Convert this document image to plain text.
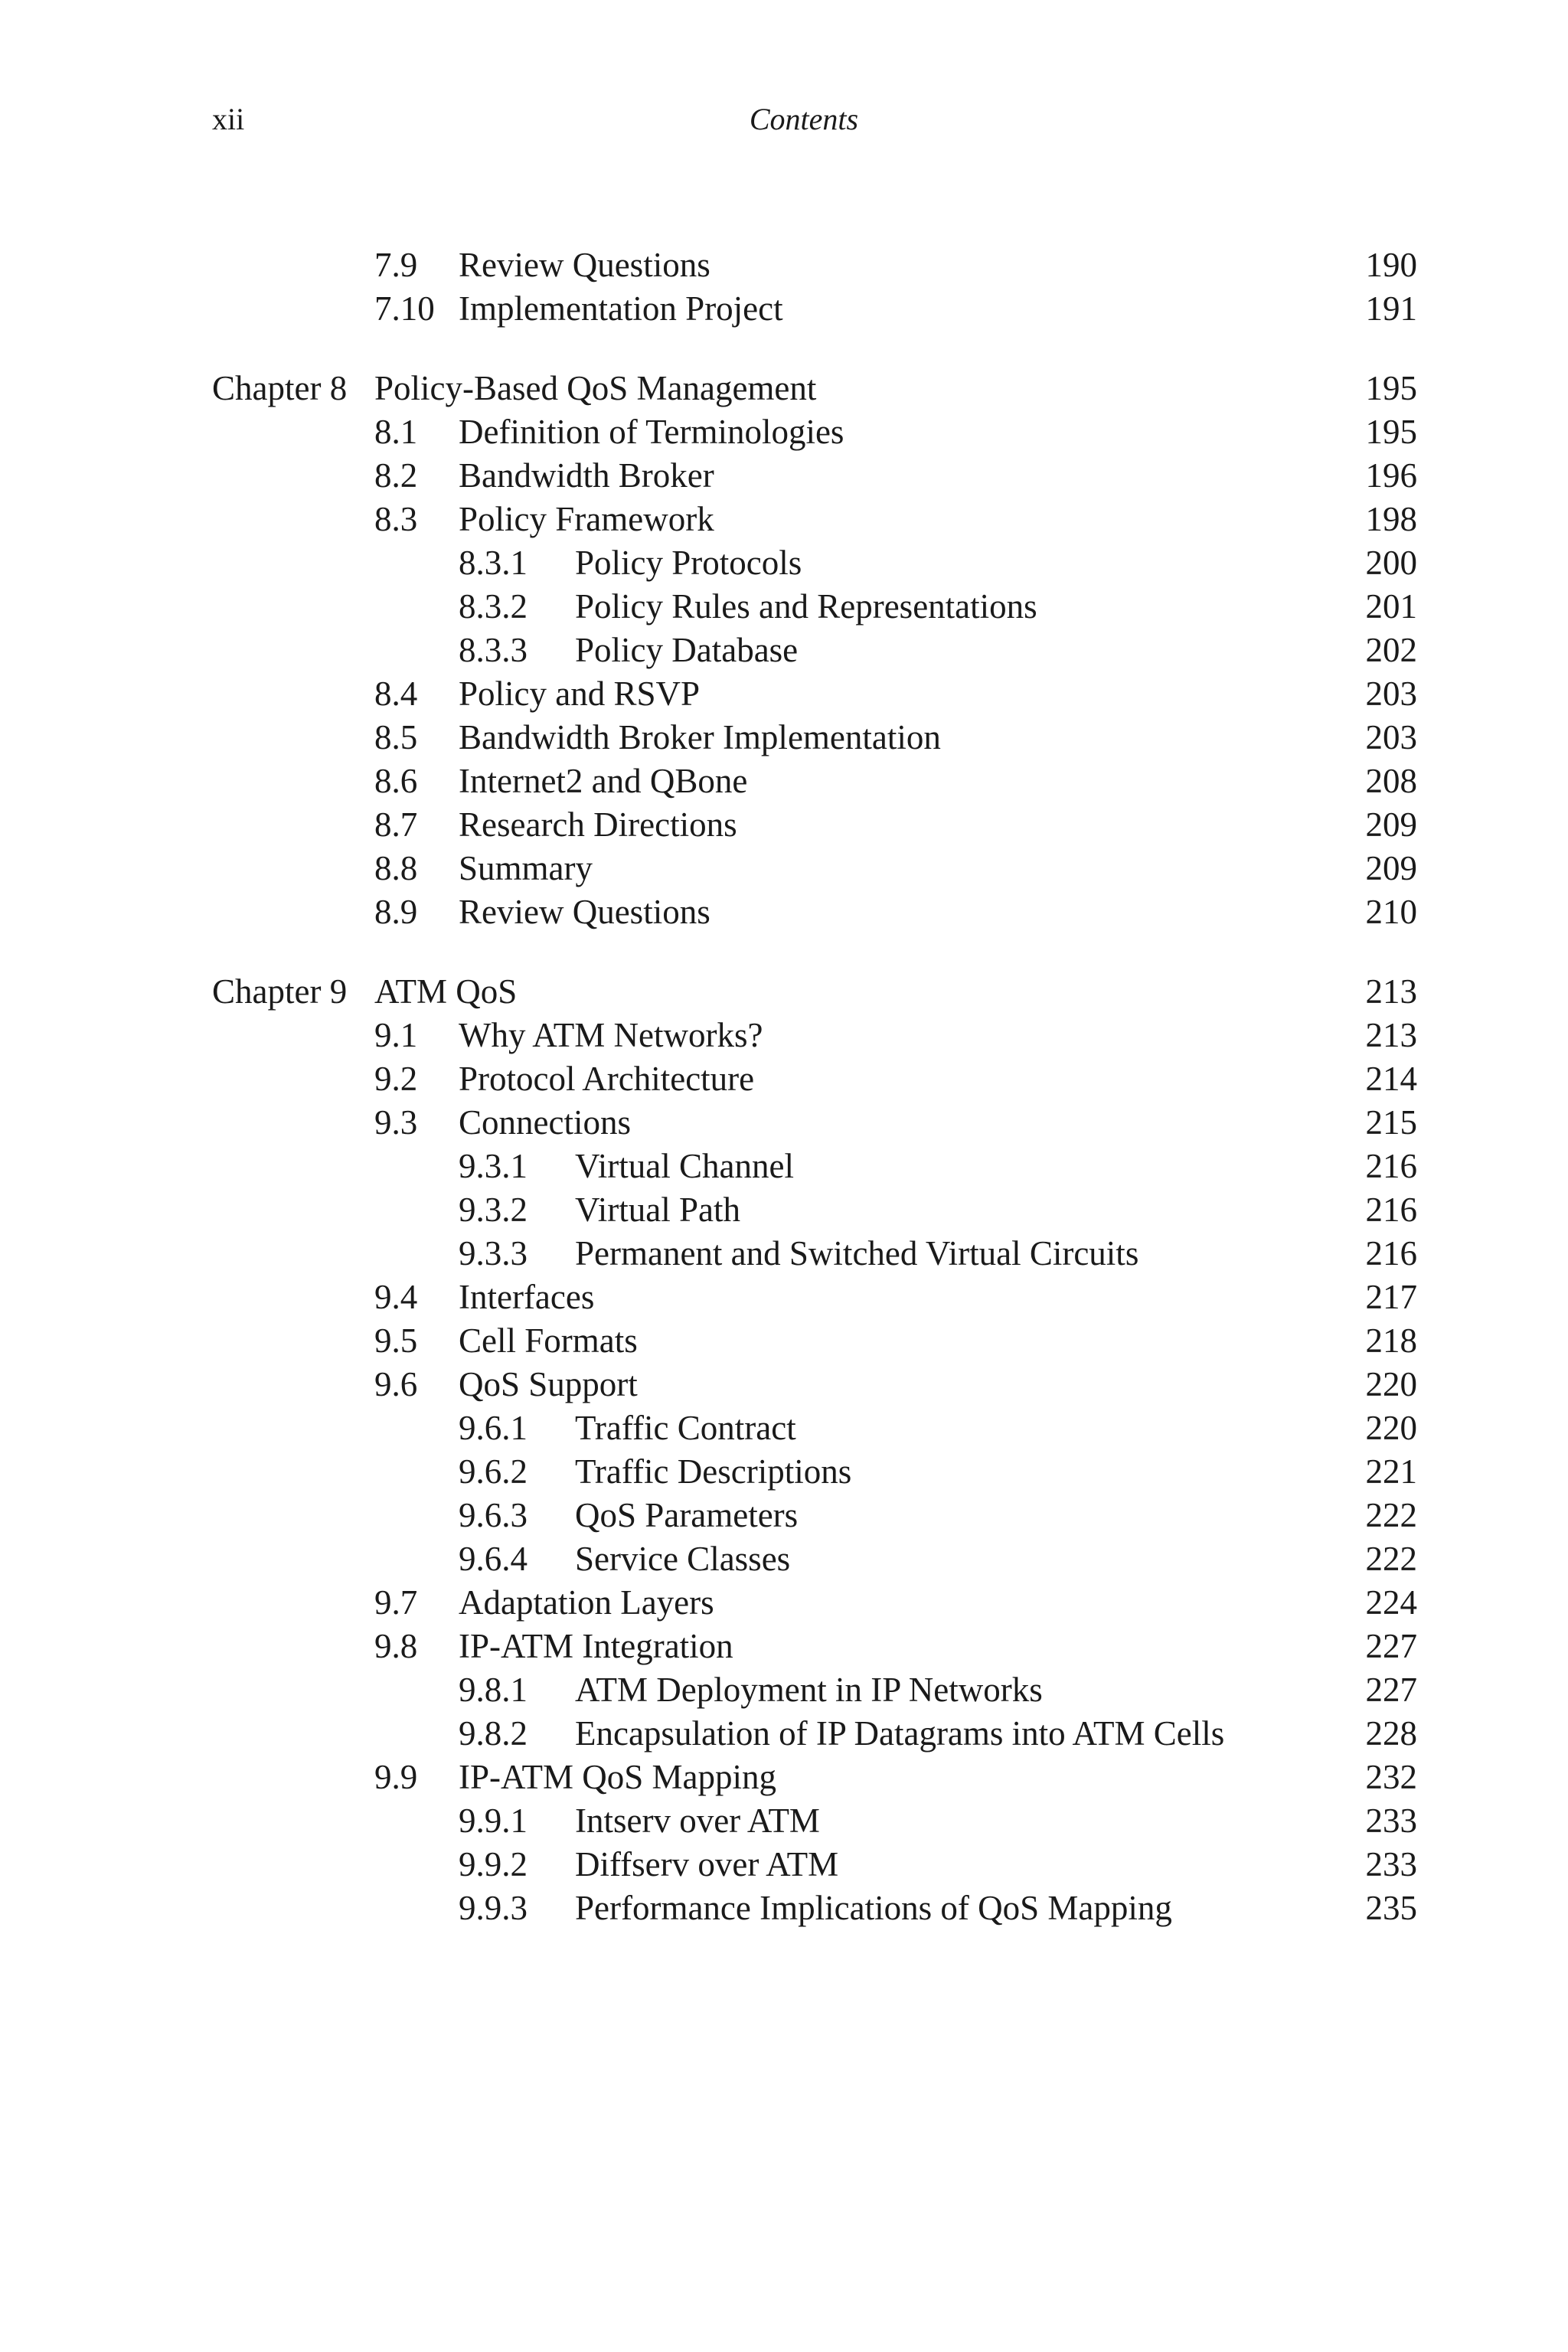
xii	Contents
7.9 Review Questions	190
7.10 Implementation Project	191
Chapter 8 Policy-Based QoS Management	195
8.1 Definition of Terminologies	195
8.2 Bandwidth Broker	196
8.3 Policy Framework	198
8.3.1 Policy Protocols	200
8.3.2 Policy Rules and Representations	201
8.3.3 Policy Database	202
8.4 Policy and RSVP	203
8.5 Bandwidth Broker Implementation	203
8.6 Internet2 and QBone	208
8.7 Research Directions	209
8.8 Summary	209
8.9 Review Questions	210
Chapter 9 ATM QoS	213
9.1 Why ATM Networks?	213
9.2 Protocol Architecture	214
9.3 Connections	215
9.3.1 Virtual Channel	216
9.3.2 Virtual Path	216
9.3.3 Permanent and Switched Virtual Circuits	216
9.4 Interfaces	217
9.5 Cell Formats	218
9.6 QoS Support	220
9.6.1 Traffic Contract	220
9.6.2 Traffic Descriptions	221
9.6.3 QoS Parameters	222
9.6.4 Service Classes	222
9.7 Adaptation Layers	224
9.8 IP-ATM Integration	227
9.8.1 ATM Deployment in IP Networks	227
9.8.2 Encapsulation of IP Datagrams into ATM Cells	228
9.9 IP-ATM QoS Mapping	232
9.9.1 Intserv over ATM	233
9.9.2 Diffserv over ATM	233
9.9.3 Performance Implications of QoS Mapping	235
